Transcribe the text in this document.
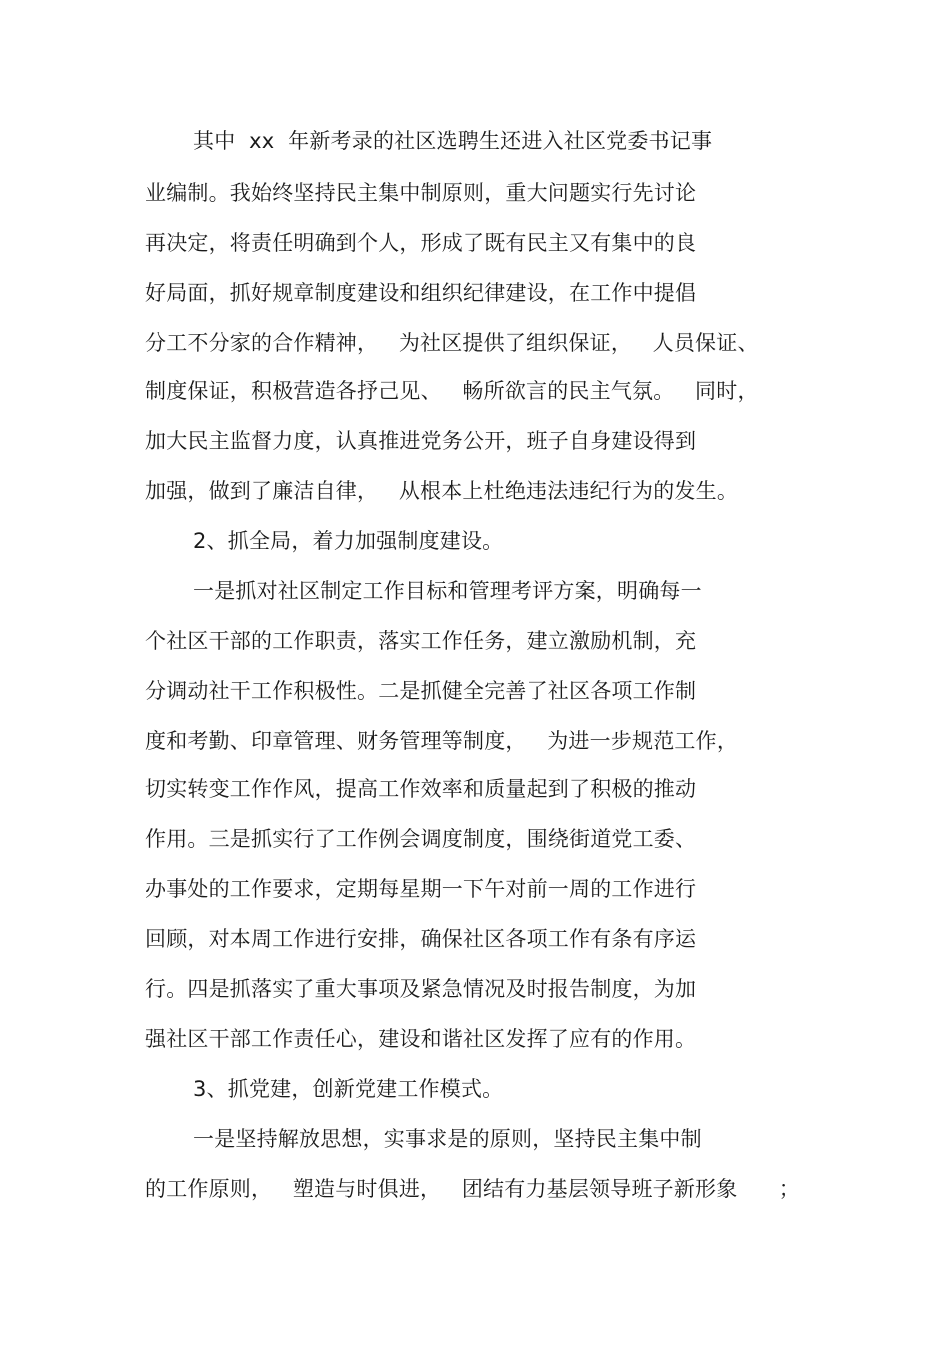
其中  xx  年新考录的社区选聘生还进入社区党委书记事
业编制。我始终坚持民主集中制原则，重大问题实行先讨论
再决定，将责任明确到个人，形成了既有民主又有集中的良
好局面，抓好规章制度建设和组织纪律建设，在工作中提倡
分工不分家的合作精神，   为社区提供了组织保证，   人员保证、
制度保证，积极营造各抒己见、   畅所欲言的民主气氛。   同时，
加大民主监督力度，认真推进党务公开，班子自身建设得到
加强，做到了廉洁自律，   从根本上杜绝违法违纪行为的发生。
2、抓全局，着力加强制度建设。
一是抓对社区制定工作目标和管理考评方案，明确每一
个社区干部的工作职责，落实工作任务，建立激励机制，充
分调动社干工作积极性。二是抓健全完善了社区各项工作制
度和考勤、印章管理、财务管理等制度，   为进一步规范工作，
切实转变工作作风，提高工作效率和质量起到了积极的推动
作用。三是抓实行了工作例会调度制度，围绕街道党工委、
办事处的工作要求，定期每星期一下午对前一周的工作进行
回顾，对本周工作进行安排，确保社区各项工作有条有序运
行。四是抓落实了重大事项及紧急情况及时报告制度，为加
强社区干部工作责任心，建设和谐社区发挥了应有的作用。
3、抓党建，创新党建工作模式。
一是坚持解放思想，实事求是的原则，坚持民主集中制
的工作原则，   塑造与时俱进，   团结有力基层领导班子新形象      ；
